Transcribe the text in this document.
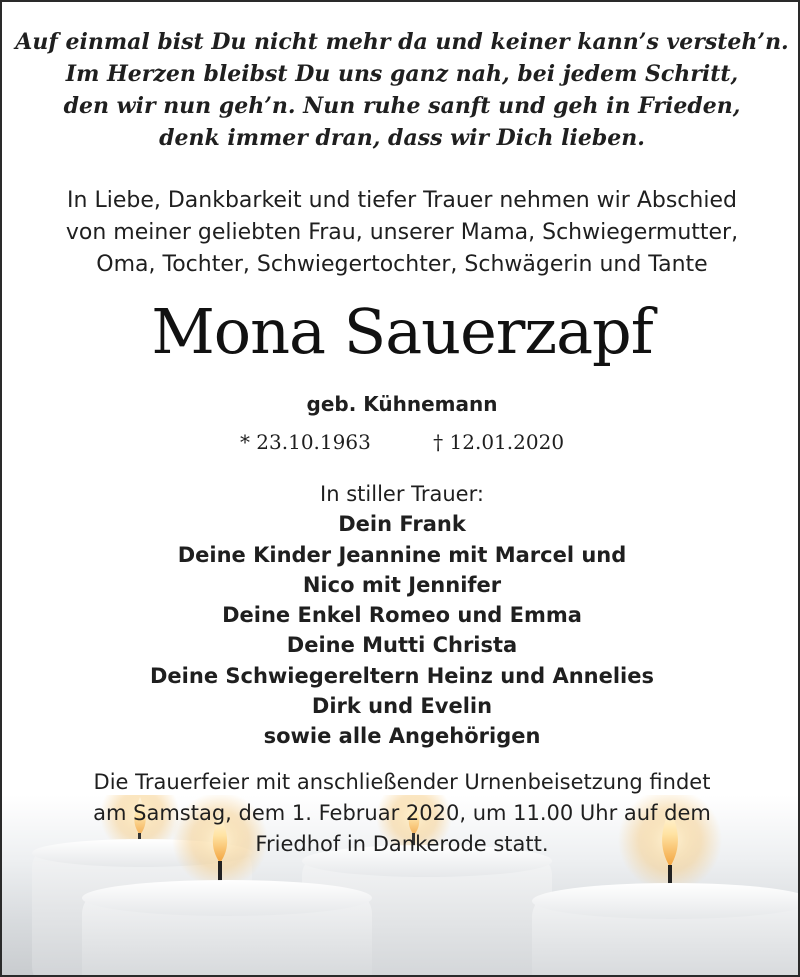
Auf einmal bist Du nicht mehr da und keiner kann’s versteh’n.
Im Herzen bleibst Du uns ganz nah, bei jedem Schritt,
den wir nun geh’n. Nun ruhe sanft und geh in Frieden,
denk immer dran, dass wir Dich lieben.
In Liebe, Dankbarkeit und tiefer Trauer nehmen wir Abschied
von meiner geliebten Frau, unserer Mama, Schwiegermutter,
Oma, Tochter, Schwiegertochter, Schwägerin und Tante
Mona Sauerzapf
geb. Kühnemann
* 23.10.1963	† 12.01.2020
In stiller Trauer:
Dein Frank
Deine Kinder Jeannine mit Marcel und
Nico mit Jennifer
Deine Enkel Romeo und Emma
Deine Mutti Christa
Deine Schwiegereltern Heinz und Annelies
Dirk und Evelin
sowie alle Angehörigen
Die Trauerfeier mit anschließender Urnenbeisetzung findet
am Samstag, dem 1. Februar 2020, um 11.00 Uhr auf dem
Friedhof in Dankerode statt.
